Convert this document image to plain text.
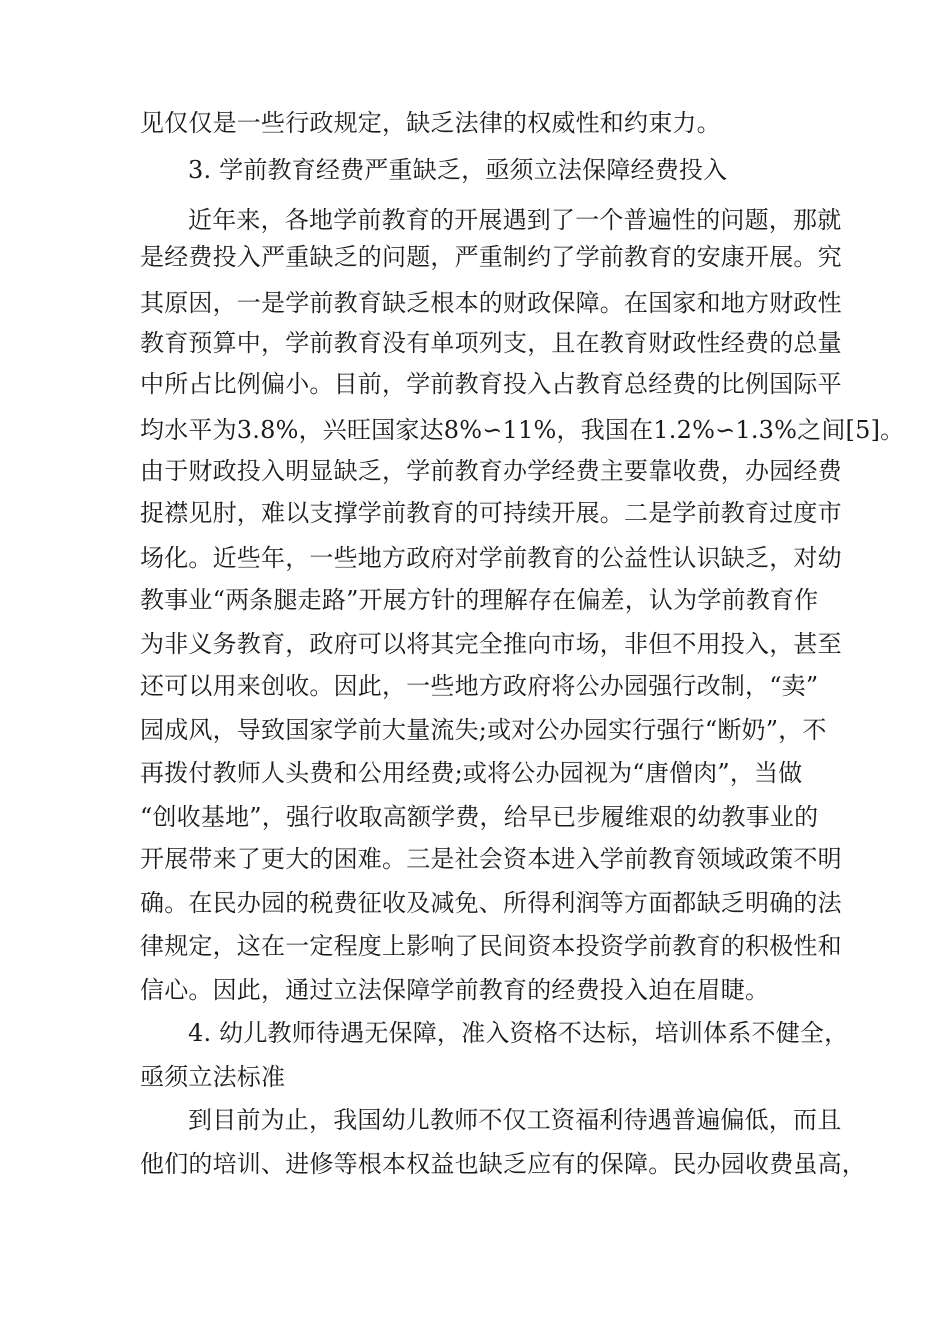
见仅仅是一些行政规定，缺乏法律的权威性和约束力。
3. 学前教育经费严重缺乏，亟须立法保障经费投入
近年来，各地学前教育的开展遇到了一个普遍性的问题，那就
是经费投入严重缺乏的问题，严重制约了学前教育的安康开展。究
其原因，一是学前教育缺乏根本的财政保障。在国家和地方财政性
教育预算中，学前教育没有单项列支，且在教育财政性经费的总量
中所占比例偏小。目前，学前教育投入占教育总经费的比例国际平
均水平为3.8%，兴旺国家达8%∽11%，我国在1.2%∽1.3%之间[5]。
由于财政投入明显缺乏，学前教育办学经费主要靠收费，办园经费
捉襟见肘，难以支撑学前教育的可持续开展。二是学前教育过度市
场化。近些年，一些地方政府对学前教育的公益性认识缺乏，对幼
教事业“两条腿走路”开展方针的理解存在偏差，认为学前教育作
为非义务教育，政府可以将其完全推向市场，非但不用投入，甚至
还可以用来创收。因此，一些地方政府将公办园强行改制，“卖”
园成风，导致国家学前大量流失;或对公办园实行强行“断奶”，不
再拨付教师人头费和公用经费;或将公办园视为“唐僧肉”，当做
“创收基地”，强行收取高额学费，给早已步履维艰的幼教事业的
开展带来了更大的困难。三是社会资本进入学前教育领域政策不明
确。在民办园的税费征收及减免、所得利润等方面都缺乏明确的法
律规定，这在一定程度上影响了民间资本投资学前教育的积极性和
信心。因此，通过立法保障学前教育的经费投入迫在眉睫。
4. 幼儿教师待遇无保障，准入资格不达标，培训体系不健全，
亟须立法标准
到目前为止，我国幼儿教师不仅工资福利待遇普遍偏低，而且
他们的培训、进修等根本权益也缺乏应有的保障。民办园收费虽高，
